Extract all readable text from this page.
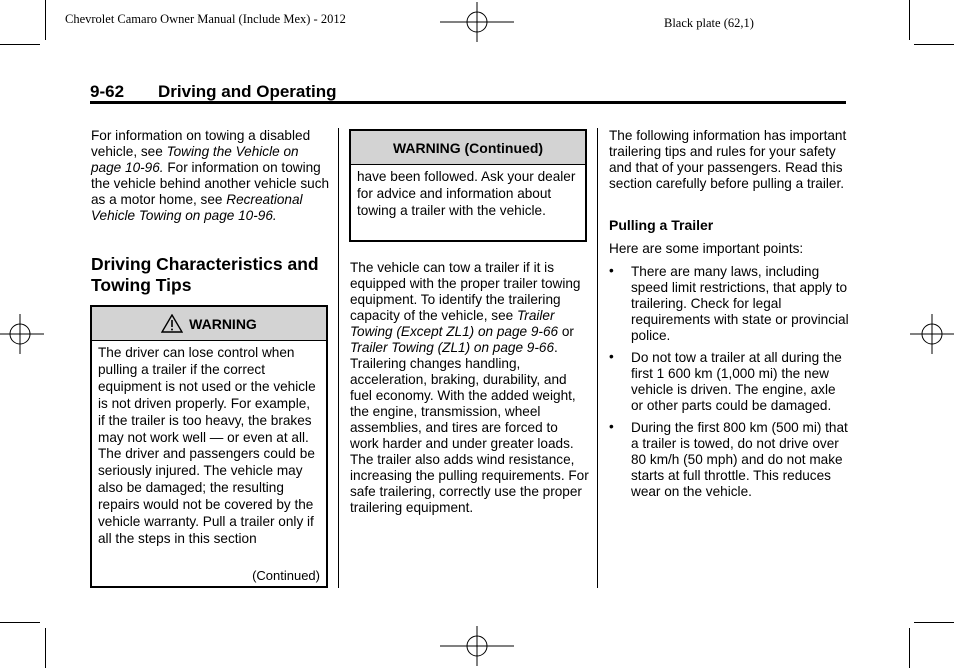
Chevrolet Camaro Owner Manual (Include Mex) - 2012	Black plate (62,1)
9-62 Driving and Operating

For information on towing a disabled vehicle, see Towing the Vehicle on page 10-96. For information on towing the vehicle behind another vehicle such as a motor home, see Recreational Vehicle Towing on page 10-96.

Driving Characteristics and Towing Tips
WARNING
The driver can lose control when pulling a trailer if the correct equipment is not used or the vehicle is not driven properly. For example, if the trailer is too heavy, the brakes may not work well — or even at all. The driver and passengers could be seriously injured. The vehicle may also be damaged; the resulting repairs would not be covered by the vehicle warranty. Pull a trailer only if all the steps in this section
(Continued)
WARNING (Continued)
have been followed. Ask your dealer for advice and information about towing a trailer with the vehicle.

The vehicle can tow a trailer if it is equipped with the proper trailer towing equipment. To identify the trailering capacity of the vehicle, see Trailer Towing (Except ZL1) on page 9-66 or Trailer Towing (ZL1) on page 9-66. Trailering changes handling, acceleration, braking, durability, and fuel economy. With the added weight, the engine, transmission, wheel assemblies, and tires are forced to work harder and under greater loads. The trailer also adds wind resistance, increasing the pulling requirements. For safe trailering, correctly use the proper trailering equipment.

The following information has important trailering tips and rules for your safety and that of your passengers. Read this section carefully before pulling a trailer.
Pulling a Trailer
Here are some important points:
• There are many laws, including speed limit restrictions, that apply to trailering. Check for legal requirements with state or provincial police.
• Do not tow a trailer at all during the first 1 600 km (1,000 mi) the new vehicle is driven. The engine, axle or other parts could be damaged.
• During the first 800 km (500 mi) that a trailer is towed, do not drive over 80 km/h (50 mph) and do not make starts at full throttle. This reduces wear on the vehicle.
